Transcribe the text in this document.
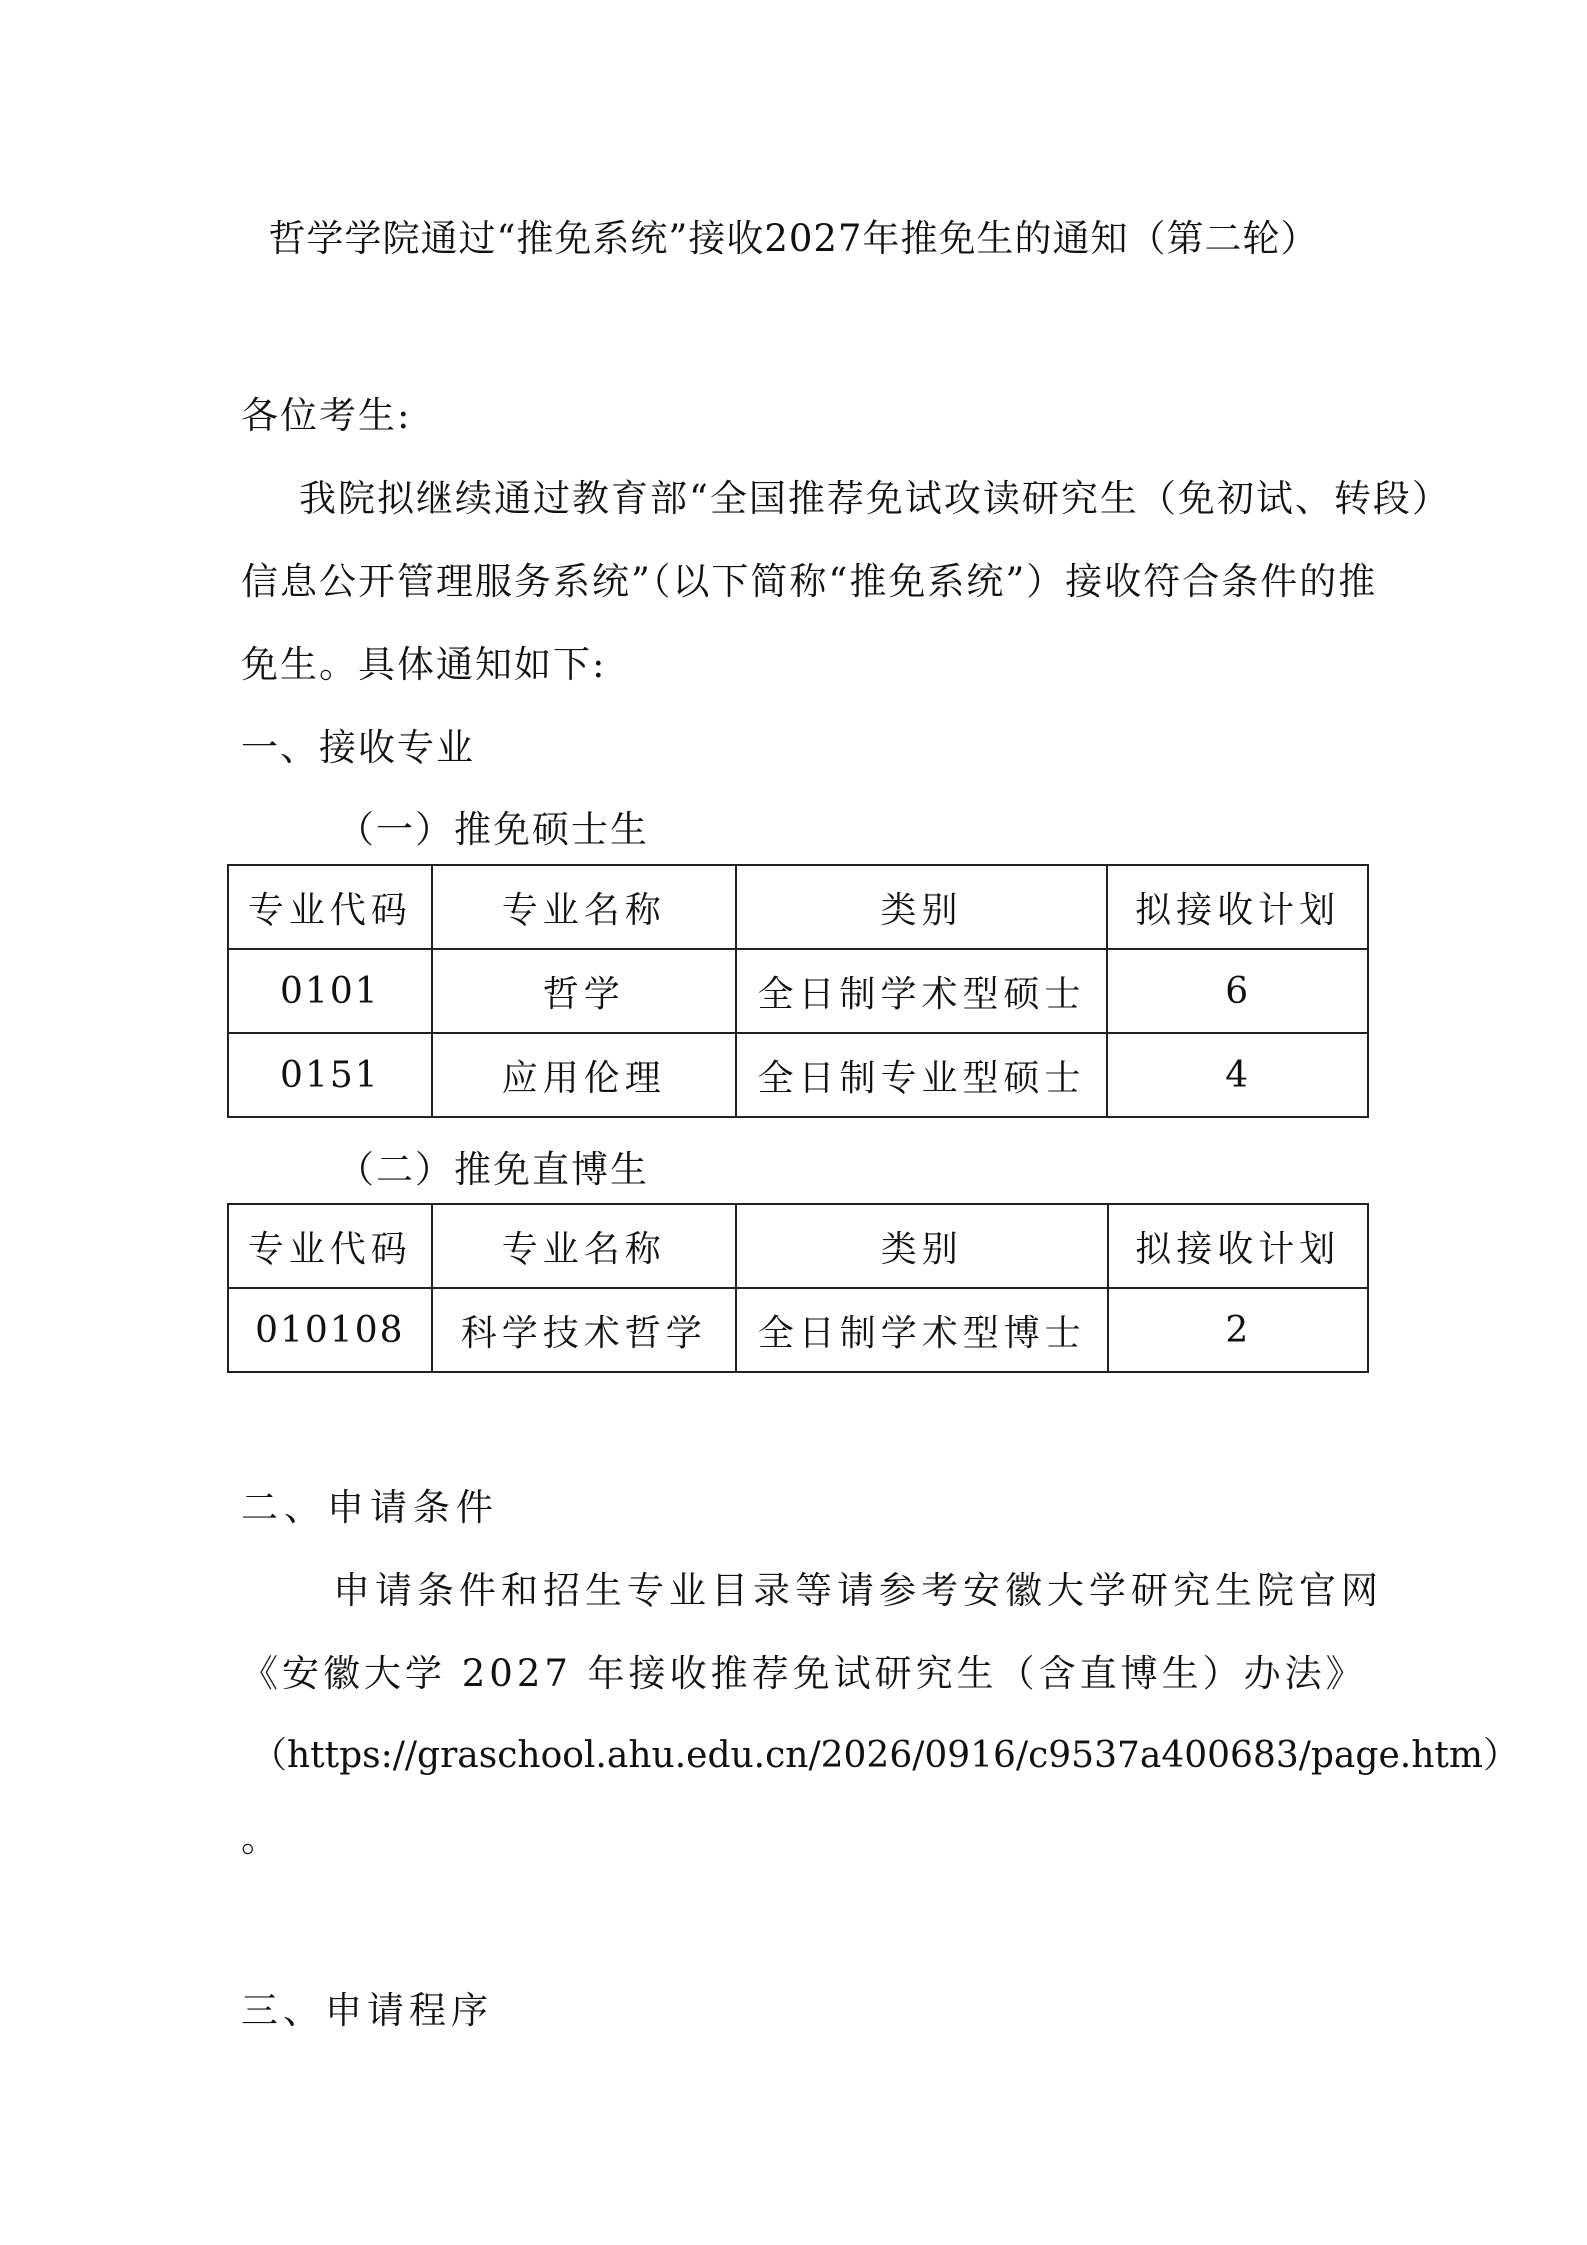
哲学学院通过“推免系统”接收2027年推免生的通知（第二轮）
各位考生:
我院拟继续通过教育部“全国推荐免试攻读研究生（免初试、转段）
信息公开管理服务系统”（以下简称“推免系统”）接收符合条件的推
免生。具体通知如下:
一、接收专业
（一）推免硕士生
专业代码	专业名称	类别	拟接收计划
0101	哲学	全日制学术型硕士	6
0151	应用伦理	全日制专业型硕士	4
（二）推免直博生
专业代码	专业名称	类别	拟接收计划
010108	科学技术哲学	全日制学术型博士	2
二、申请条件
申请条件和招生专业目录等请参考安徽大学研究生院官网
《安徽大学 2027 年接收推荐免试研究生（含直博生）办法》
（https://graschool.ahu.edu.cn/2026/0916/c9537a400683/page.htm）
。
三、申请程序
